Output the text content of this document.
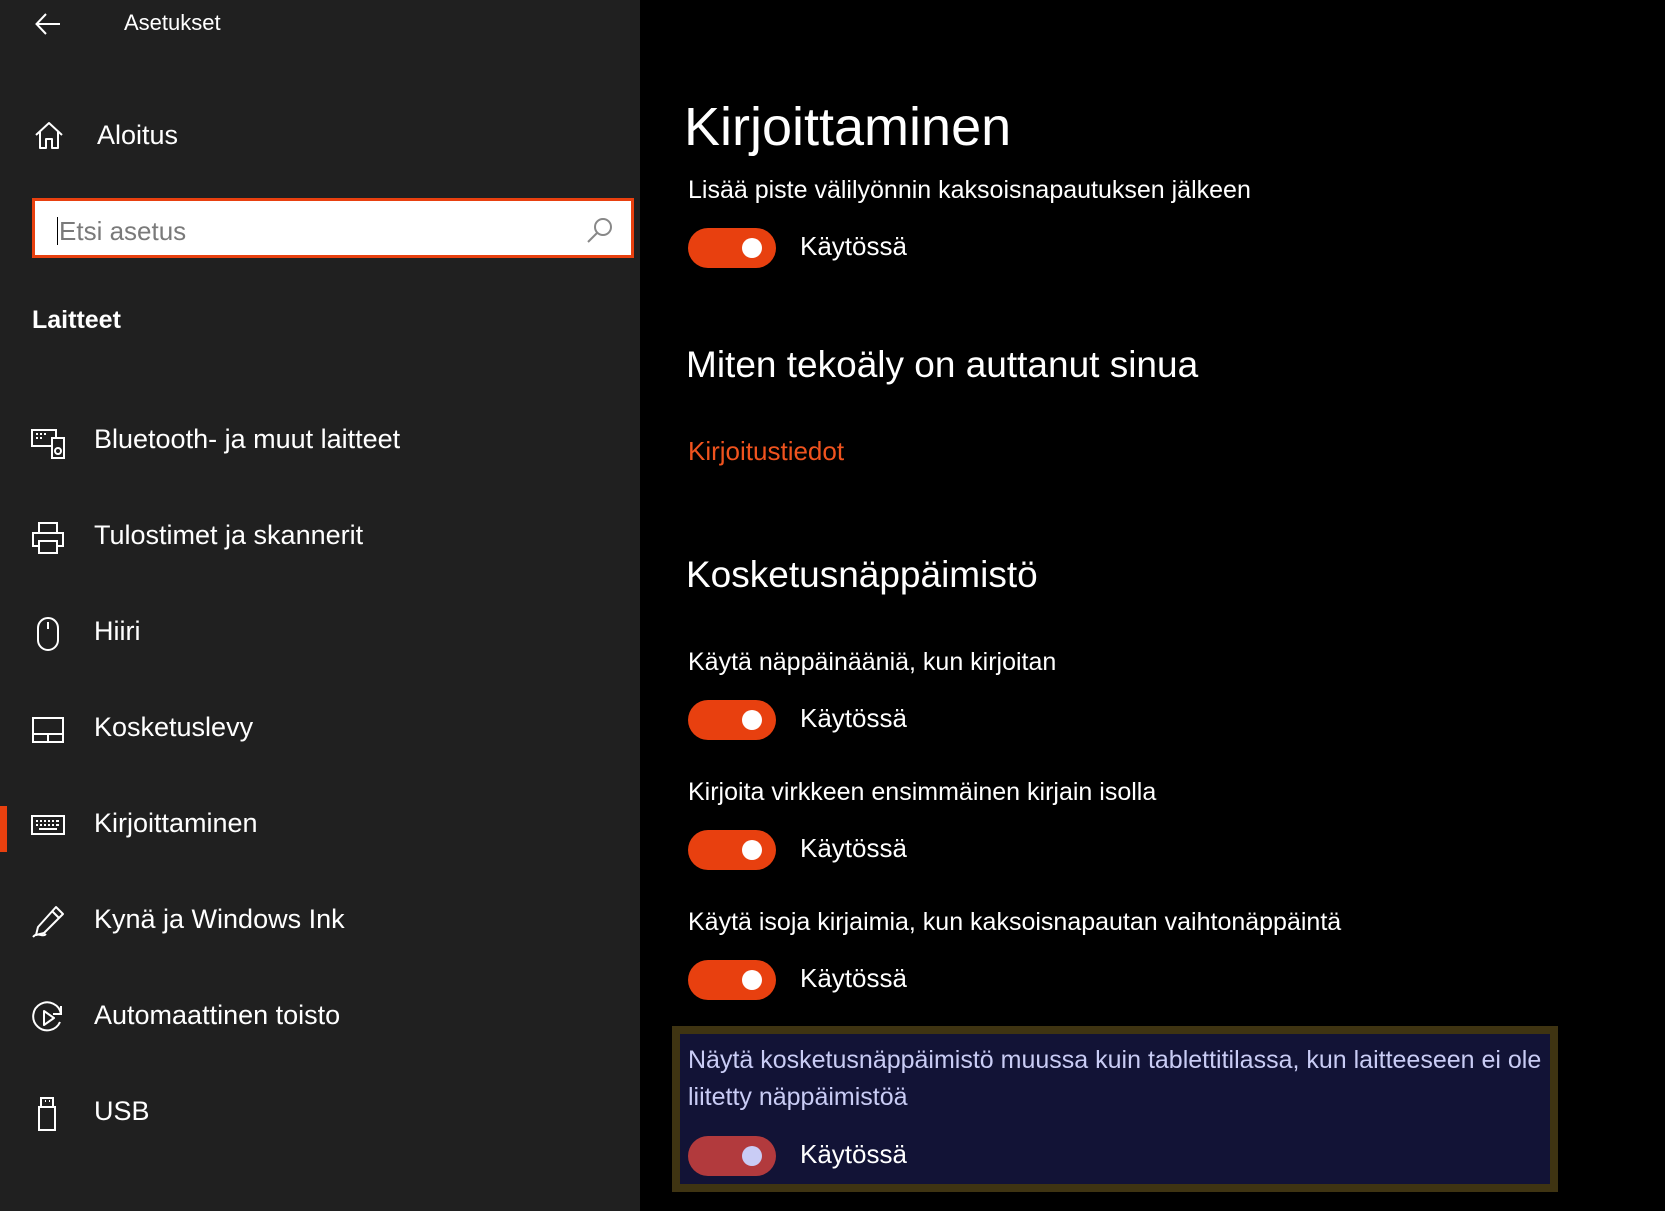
Asetukset
Aloitus
Etsi asetus
Laitteet
Bluetooth- ja muut laitteet
Tulostimet ja skannerit
Hiiri
Kosketuslevy
Kirjoittaminen
Kynä ja Windows Ink
Automaattinen toisto
USB
Kirjoittaminen
Lisää piste välilyönnin kaksoisnapautuksen jälkeen
Käytössä
Miten tekoäly on auttanut sinua
Kirjoitustiedot
Kosketusnäppäimistö
Käytä näppäinääniä, kun kirjoitan
Käytössä
Kirjoita virkkeen ensimmäinen kirjain isolla
Käytössä
Käytä isoja kirjaimia, kun kaksoisnapautan vaihtonäppäintä
Käytössä
Näytä kosketusnäppäimistö muussa kuin tablettitilassa, kun laitteeseen ei ole liitetty näppäimistöä
Käytössä
